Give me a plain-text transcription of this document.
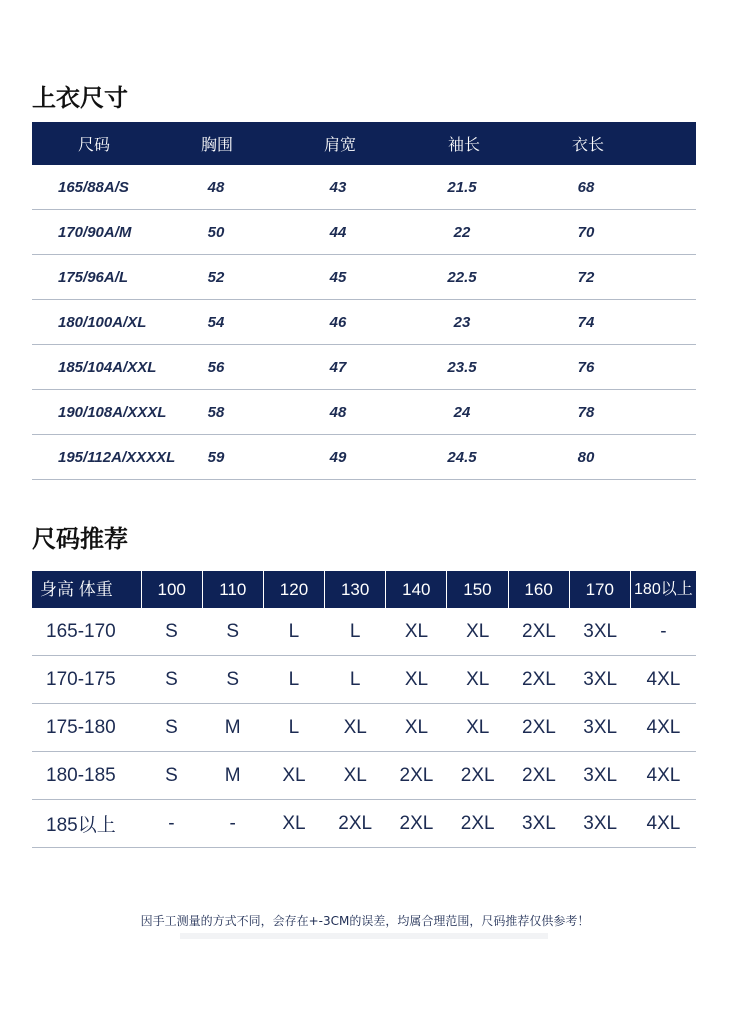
上衣尺寸
尺码	胸围	肩宽	袖长	衣长
165/88A/S	48	43	21.5	68
170/90A/M	50	44	22	70
175/96A/L	52	45	22.5	72
180/100A/XL	54	46	23	74
185/104A/XXL	56	47	23.5	76
190/108A/XXXL	58	48	24	78
195/112A/XXXXL	59	49	24.5	80
尺码推荐
身高 体重	100	110	120	130	140	150	160	170	180以上
165-170	S	S	L	L	XL	XL	2XL	3XL	-
170-175	S	S	L	L	XL	XL	2XL	3XL	4XL
175-180	S	M	L	XL	XL	XL	2XL	3XL	4XL
180-185	S	M	XL	XL	2XL	2XL	2XL	3XL	4XL
185以上	-	-	XL	2XL	2XL	2XL	3XL	3XL	4XL
因手工测量的方式不同，会存在+-3CM的误差，均属合理范围，尺码推荐仅供参考！
